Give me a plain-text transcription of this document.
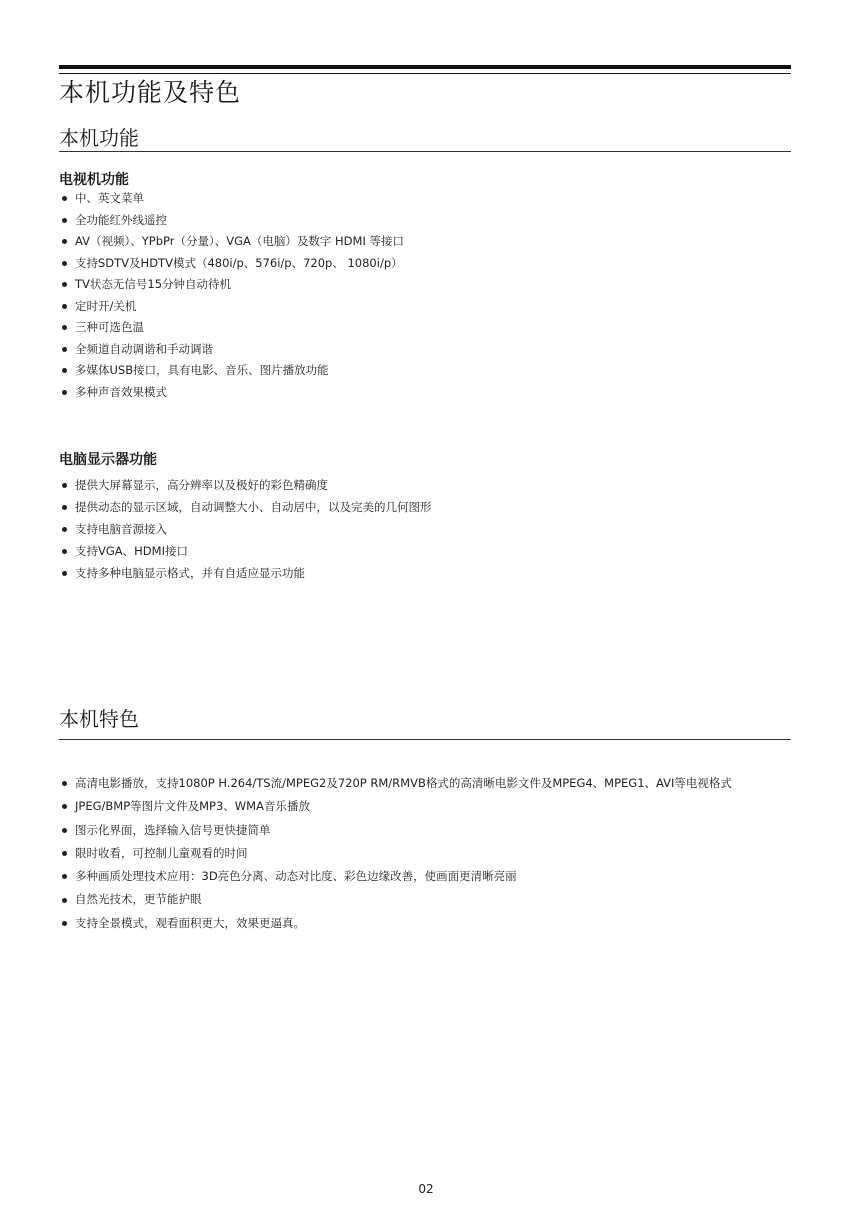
本机功能及特色
本机功能
电视机功能
中、英文菜单
全功能红外线遥控
AV（视频）、YPbPr（分量）、VGA（电脑）及数字 HDMI 等接口
支持SDTV及HDTV模式（480i/p、576i/p、720p、 1080i/p）
TV状态无信号15分钟自动待机
定时开/关机
三种可选色温
全频道自动调谐和手动调谐
多媒体USB接口，具有电影、音乐、图片播放功能
多种声音效果模式
电脑显示器功能
提供大屏幕显示，高分辨率以及极好的彩色精确度
提供动态的显示区域，自动调整大小、自动居中，以及完美的几何图形
支持电脑音源接入
支持VGA、HDMI接口
支持多种电脑显示格式，并有自适应显示功能
本机特色
高清电影播放，支持1080P H.264/TS流/MPEG2及720P RM/RMVB格式的高清晰电影文件及MPEG4、MPEG1、AVI等电视格式
JPEG/BMP等图片文件及MP3、WMA音乐播放
图示化界面，选择输入信号更快捷简单
限时收看，可控制儿童观看的时间
多种画质处理技术应用：3D亮色分离、动态对比度、彩色边缘改善，使画面更清晰亮丽
自然光技术，更节能护眼
支持全景模式，观看面积更大，效果更逼真。
02
